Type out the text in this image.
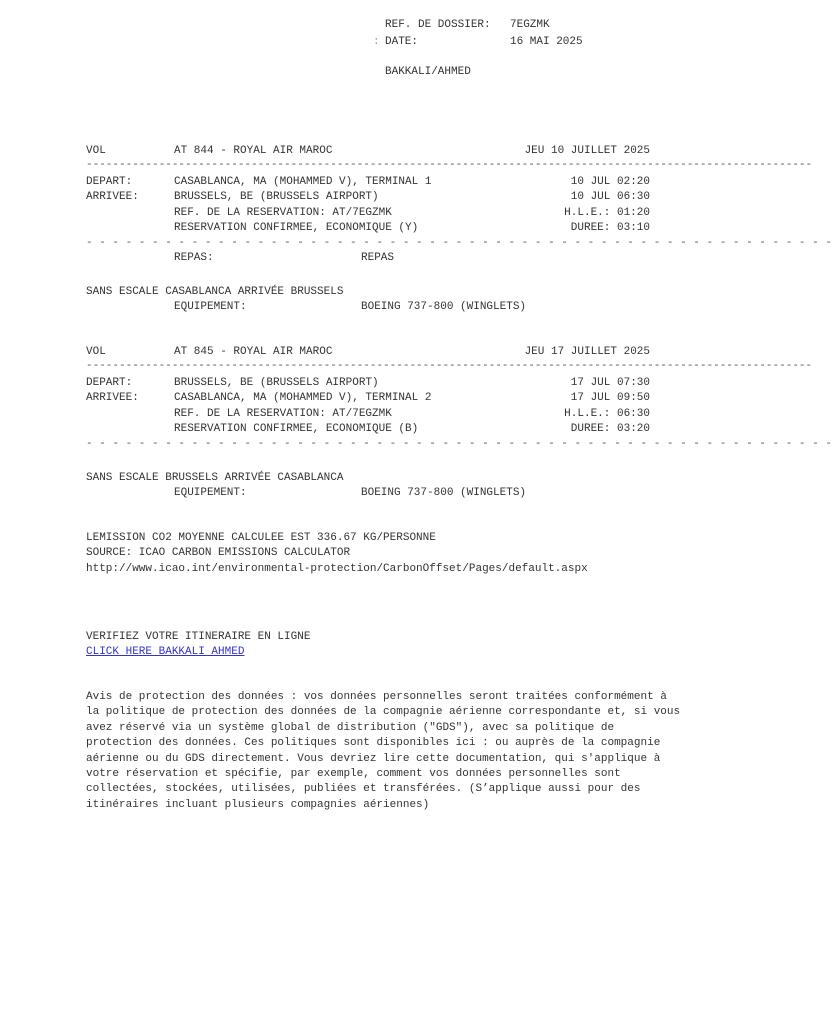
REF. DE DOSSIER: 7EGZMK
: DATE:	16 MAI 2025
BAKKALI/AHMED
VOL	AT 844 - ROYAL AIR MAROC	JEU 10 JUILLET 2025
--------------------------------------------------------------------------------------------------------------
DEPART:	CASABLANCA, MA (MOHAMMED V), TERMINAL 1	10 JUL 02:20
ARRIVEE:	BRUSSELS, BE (BRUSSELS AIRPORT)	10 JUL 06:30
REF. DE LA RESERVATION: AT/7EGZMK	H.L.E.: 01:20
RESERVATION CONFIRMEE, ECONOMIQUE (Y)	DUREE: 03:10
- - - - - - - - - - - - - - - - - - - - - - - - - - - - - - - - - - - - - - - - - - - - - - - - - - - - - - - - -
REPAS:	REPAS
SANS ESCALE CASABLANCA ARRIVÉE BRUSSELS
EQUIPEMENT:	BOEING 737-800 (WINGLETS)
VOL	AT 845 - ROYAL AIR MAROC	JEU 17 JUILLET 2025
--------------------------------------------------------------------------------------------------------------
DEPART:	BRUSSELS, BE (BRUSSELS AIRPORT)	17 JUL 07:30
ARRIVEE:	CASABLANCA, MA (MOHAMMED V), TERMINAL 2	17 JUL 09:50
REF. DE LA RESERVATION: AT/7EGZMK	H.L.E.: 06:30
RESERVATION CONFIRMEE, ECONOMIQUE (B)	DUREE: 03:20
- - - - - - - - - - - - - - - - - - - - - - - - - - - - - - - - - - - - - - - - - - - - - - - - - - - - - - - - -
SANS ESCALE BRUSSELS ARRIVÉE CASABLANCA
EQUIPEMENT:	BOEING 737-800 (WINGLETS)
LEMISSION CO2 MOYENNE CALCULEE EST 336.67 KG/PERSONNE
SOURCE: ICAO CARBON EMISSIONS CALCULATOR
http://www.icao.int/environmental-protection/CarbonOffset/Pages/default.aspx
VERIFIEZ VOTRE ITINERAIRE EN LIGNE
CLICK HERE BAKKALI AHMED
Avis de protection des données : vos données personnelles seront traitées conformément à la politique de protection des données de la compagnie aérienne correspondante et, si vous avez réservé via un système global de distribution ("GDS"), avec sa politique de protection des données. Ces politiques sont disponibles ici : ou auprès de la compagnie aérienne ou du GDS directement. Vous devriez lire cette documentation, qui s'applique à votre réservation et spécifie, par exemple, comment vos données personnelles sont collectées, stockées, utilisées, publiées et transférées. (S’applique aussi pour des itinéraires incluant plusieurs compagnies aériennes)
